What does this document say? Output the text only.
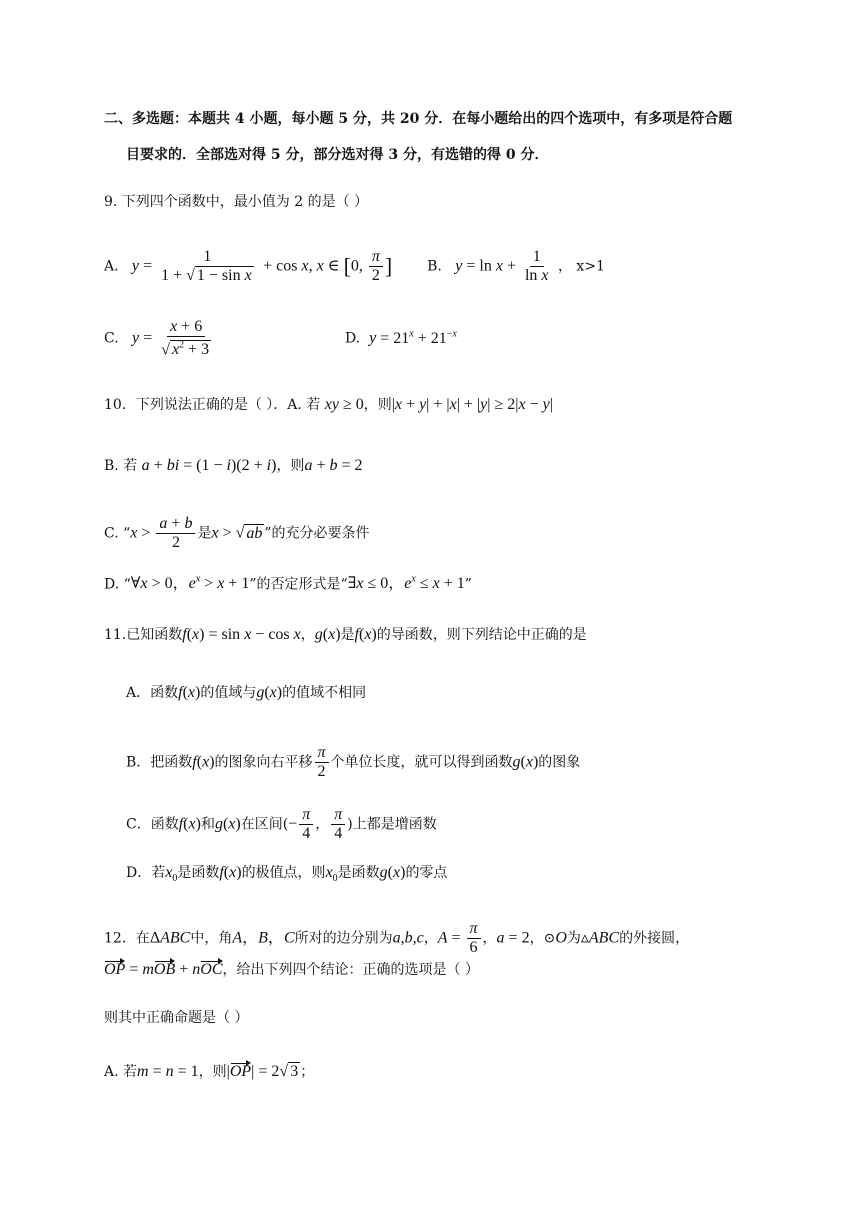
二、多选题：本题共 4 小题，每小题 5 分，共 20 分．在每小题给出的四个选项中，有多项是符合题
目要求的．全部选对得 5 分，部分选对得 3 分，有选错的得 0 分．
9. 下列四个函数中，最小值为 2 的是（ ）
A. $y = \frac{1}{\text{1 + √ 1 − sin x}} + \cos x$, x ∈ [0, $\frac{\pi}{2}$ ] B. $y = \ln x + \frac{1}{\text{ln x}}$ ， x>1
C. $y = \frac{x + 6}{√ x^2 + 3}$	D. $y = 21^x + 21^{-x}$
10．下列说法正确的是（ ）．A. 若 xy ≥ 0，则|x + y| + |x| + |y| ≥ 2|x − y|
B. 若 a + bi = (1 − i)(2 + i)，则a + b = 2
C. “$x > \frac{a + b}{2}$ 是x > √ ab ”的充分必要条件
D. “∀x > 0，$e^x > x + 1$”的否定形式是“∃x ≤ 0，$e^x \le x + 1$”
11.已知函数f(x) = sin x − cos x，g(x)是f(x)的导函数，则下列结论中正确的是
A．函数f(x)的值域与g(x)的值域不相同
B．把函数f(x)的图象向右平移 $\frac{\pi}{2}$ 个单位长度，就可以得到函数g(x)的图象
C．函数f(x)和g(x)在区间(− $\frac{\pi}{4}$ ， $\frac{\pi}{4}$ )上都是增函数
D．若$x_0$是函数f(x)的极值点，则$x_0$是函数g(x)的零点
12．在ΔABC中，角A，B，C所对的边分别为a,b,c，$A = \frac{\pi}{6}$ ，a = 2，⊙O为▵ABC的外接圆，
OP = mOB + nOC，给出下列四个结论：正确的选项是（ ）
则其中正确命题是（ ）
A. 若m = n = 1，则|OP| = 2√ 3 ；
